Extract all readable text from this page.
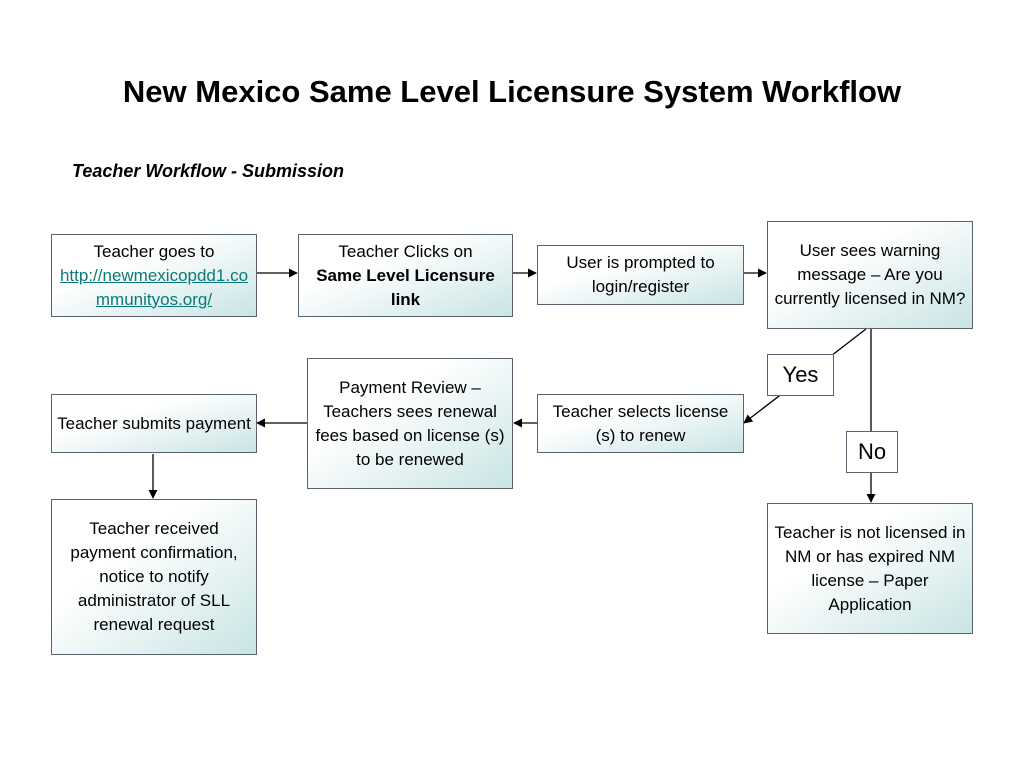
New Mexico Same Level Licensure System Workflow
Teacher Workflow - Submission
Teacher goes to
http://newmexicopdd1.communityos.org/
Teacher Clicks on
Same Level Licensure link
User is prompted to login/register
User sees warning message – Are you currently licensed in NM?
Teacher selects license (s) to renew
Payment Review – Teachers sees renewal fees based on license (s) to be renewed
Teacher submits payment
Teacher received payment confirmation, notice to notify administrator of SLL renewal request
Teacher is not licensed in NM or has expired NM license – Paper Application
Yes
No
